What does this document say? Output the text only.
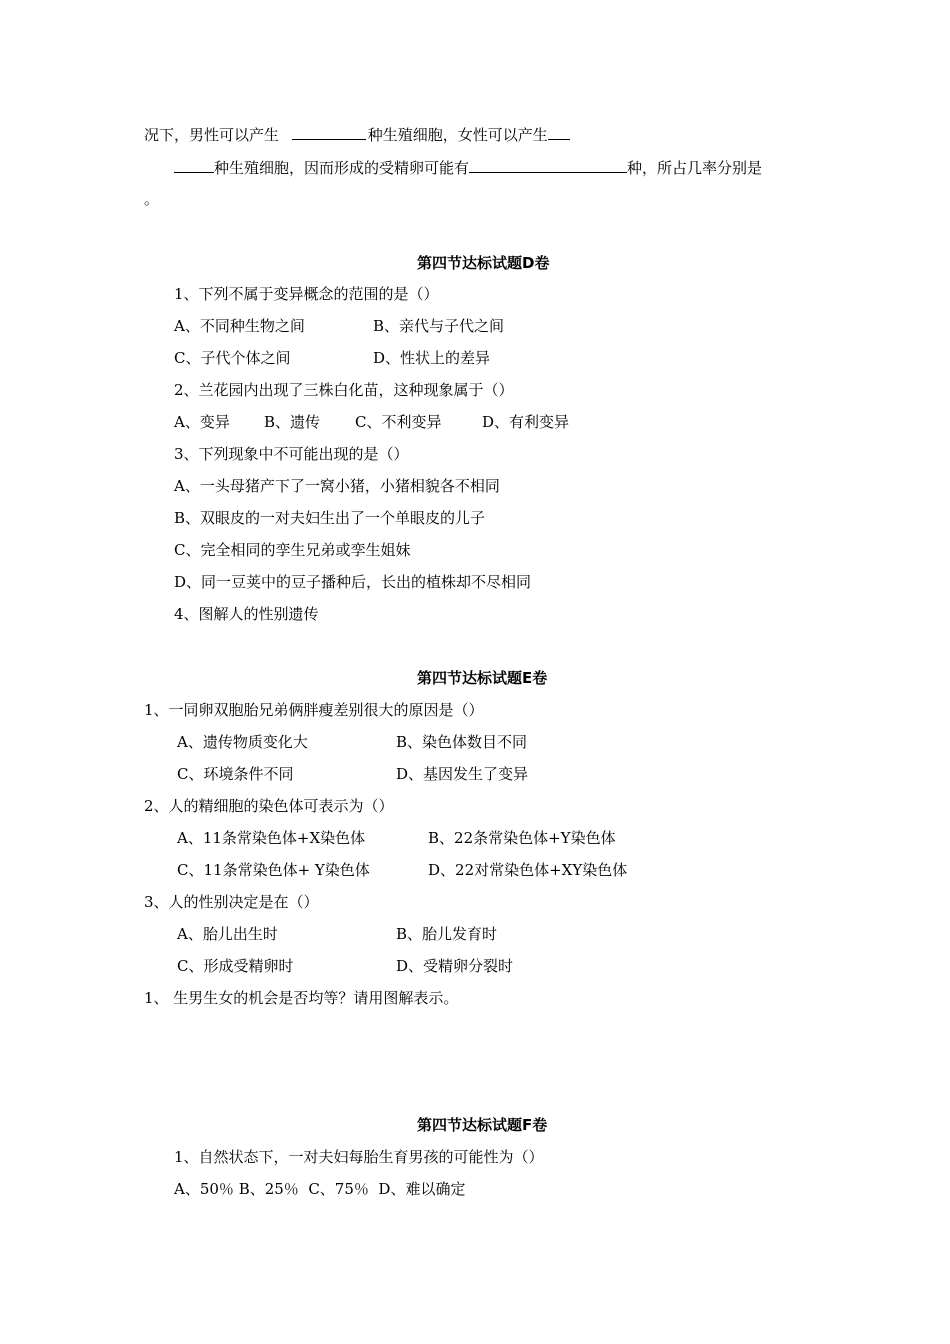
况下，男性可以产生	种生殖细胞，女性可以产生
种生殖细胞，因而形成的受精卵可能有	种，所占几率分别是
。
第四节达标试题D卷
1、下列不属于变异概念的范围的是（）
A、不同种生物之间	B、亲代与子代之间
C、子代个体之间	D、性状上的差异
2、兰花园内出现了三株白化苗，这种现象属于（）
A、变异 B、遗传 C、不利变异	D、有利变异
3、下列现象中不可能出现的是（）
A、一头母猪产下了一窝小猪，小猪相貌各不相同
B、双眼皮的一对夫妇生出了一个单眼皮的儿子
C、完全相同的孪生兄弟或孪生姐妹
D、同一豆荚中的豆子播种后，长出的植株却不尽相同
4、图解人的性别遗传
第四节达标试题E卷
1、一同卵双胞胎兄弟俩胖瘦差别很大的原因是（）
A、遗传物质变化大	B、染色体数目不同
C、环境条件不同	D、基因发生了变异
2、人的精细胞的染色体可表示为（）
A、11条常染色体+X染色体	B、22条常染色体+Y染色体
C、11条常染色体+ Y染色体	D、22对常染色体+XY染色体
3、人的性别决定是在（）
A、胎儿出生时	B、胎儿发育时
C、形成受精卵时	D、受精卵分裂时
1、 生男生女的机会是否均等？请用图解表示。
第四节达标试题F卷
1、自然状态下，一对夫妇每胎生育男孩的可能性为（）
A、50％ B、25％  C、75％  D、难以确定
